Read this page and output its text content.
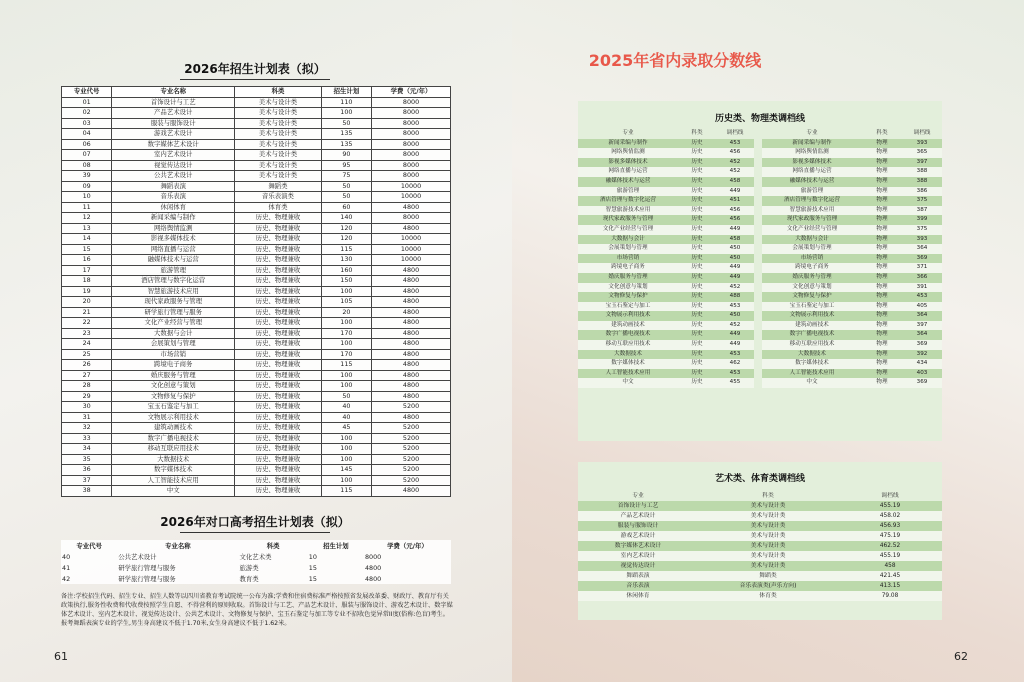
2026年招生计划表（拟）
专业代号	专业名称	科类	招生计划	学费（元/年）
01	首饰设计与工艺	美术与设计类	110	8000
02	产品艺术设计	美术与设计类	100	8000
03	服装与服饰设计	美术与设计类	50	8000
04	游戏艺术设计	美术与设计类	135	8000
06	数字媒体艺术设计	美术与设计类	135	8000
07	室内艺术设计	美术与设计类	90	8000
08	视觉传达设计	美术与设计类	95	8000
39	公共艺术设计	美术与设计类	75	8000
09	舞蹈表演	舞蹈类	50	10000
10	音乐表演	音乐表演类	50	10000
11	休闲体育	体育类	60	4800
12	新闻采编与制作	历史、物理兼收	140	8000
13	网络舆情监测	历史、物理兼收	120	4800
14	影视多媒体技术	历史、物理兼收	120	10000
15	网络直播与运营	历史、物理兼收	115	10000
16	融媒体技术与运营	历史、物理兼收	130	10000
17	旅游管理	历史、物理兼收	160	4800
18	酒店管理与数字化运营	历史、物理兼收	150	4800
19	智慧旅游技术应用	历史、物理兼收	100	4800
20	现代家政服务与管理	历史、物理兼收	105	4800
21	研学旅行管理与服务	历史、物理兼收	20	4800
22	文化产业经营与管理	历史、物理兼收	100	4800
23	大数据与会计	历史、物理兼收	170	4800
24	会展策划与管理	历史、物理兼收	100	4800
25	市场营销	历史、物理兼收	170	4800
26	跨境电子商务	历史、物理兼收	115	4800
27	婚庆服务与管理	历史、物理兼收	100	4800
28	文化创意与策划	历史、物理兼收	100	4800
29	文物修复与保护	历史、物理兼收	50	4800
30	宝玉石鉴定与加工	历史、物理兼收	40	5200
31	文物展示利用技术	历史、物理兼收	40	4800
32	建筑动画技术	历史、物理兼收	45	5200
33	数字广播电视技术	历史、物理兼收	100	5200
34	移动互联应用技术	历史、物理兼收	100	5200
35	大数据技术	历史、物理兼收	100	5200
36	数字媒体技术	历史、物理兼收	145	5200
37	人工智能技术应用	历史、物理兼收	100	5200
38	中文	历史、物理兼收	115	4800
2026年对口高考招生计划表（拟）
专业代号	专业名称	科类	招生计划	学费（元/年）
40	公共艺术设计	文化艺术类	10	8000
41	研学旅行管理与服务	旅游类	15	4800
42	研学旅行管理与服务	教育类	15	4800
备注:学校招生代码、招生专业、招生人数等以四川省教育考试院统一公布为准;学费和住宿费标准严格按照省发展改革委、财政厅、教育厅有关政策执行,服务性收费和代收费按照学生自愿、不得营利的原则收取。首饰设计与工艺、产品艺术设计、服装与服饰设计、游戏艺术设计、数字媒体艺术设计、室内艺术设计、视觉传达设计、公共艺术设计、文物修复与保护、宝玉石鉴定与加工等专业不招收色觉异常II度(俗称:色盲)考生。报考舞蹈表演专业的学生,男生身高建议不低于1.70米,女生身高建议不低于1.62米。
61
2025年省内录取分数线
历史类、物理类调档线
专业	科类	调档线		专业	科类	调档线
新闻采编与制作	历史	453		新闻采编与制作	物理	393
网络舆情监测	历史	456		网络舆情监测	物理	365
影视多媒体技术	历史	452		影视多媒体技术	物理	397
网络直播与运营	历史	452		网络直播与运营	物理	388
融媒体技术与运营	历史	458		融媒体技术与运营	物理	388
旅游管理	历史	449		旅游管理	物理	386
酒店管理与数字化运营	历史	451		酒店管理与数字化运营	物理	375
智慧旅游技术应用	历史	456		智慧旅游技术应用	物理	387
现代家政服务与管理	历史	456		现代家政服务与管理	物理	399
文化产业经营与管理	历史	449		文化产业经营与管理	物理	375
大数据与会计	历史	458		大数据与会计	物理	393
会展策划与管理	历史	450		会展策划与管理	物理	364
市场营销	历史	450		市场营销	物理	369
跨境电子商务	历史	449		跨境电子商务	物理	371
婚庆服务与管理	历史	449		婚庆服务与管理	物理	366
文化创意与策划	历史	452		文化创意与策划	物理	391
文物修复与保护	历史	488		文物修复与保护	物理	453
宝玉石鉴定与加工	历史	453		宝玉石鉴定与加工	物理	405
文物展示利用技术	历史	450		文物展示利用技术	物理	364
建筑动画技术	历史	452		建筑动画技术	物理	397
数字广播电视技术	历史	449		数字广播电视技术	物理	364
移动互联应用技术	历史	449		移动互联应用技术	物理	369
大数据技术	历史	453		大数据技术	物理	392
数字媒体技术	历史	462		数字媒体技术	物理	434
人工智能技术应用	历史	453		人工智能技术应用	物理	403
中文	历史	455		中文	物理	369
艺术类、体育类调档线
专业	科类	调档线
首饰设计与工艺	美术与设计类	455.19
产品艺术设计	美术与设计类	458.02
服装与服饰设计	美术与设计类	456.93
游戏艺术设计	美术与设计类	475.19
数字媒体艺术设计	美术与设计类	462.52
室内艺术设计	美术与设计类	455.19
视觉传达设计	美术与设计类	458
舞蹈表演	舞蹈类	421.45
音乐表演	音乐表演类(声乐方向)	413.15
休闲体育	体育类	79.08
62
